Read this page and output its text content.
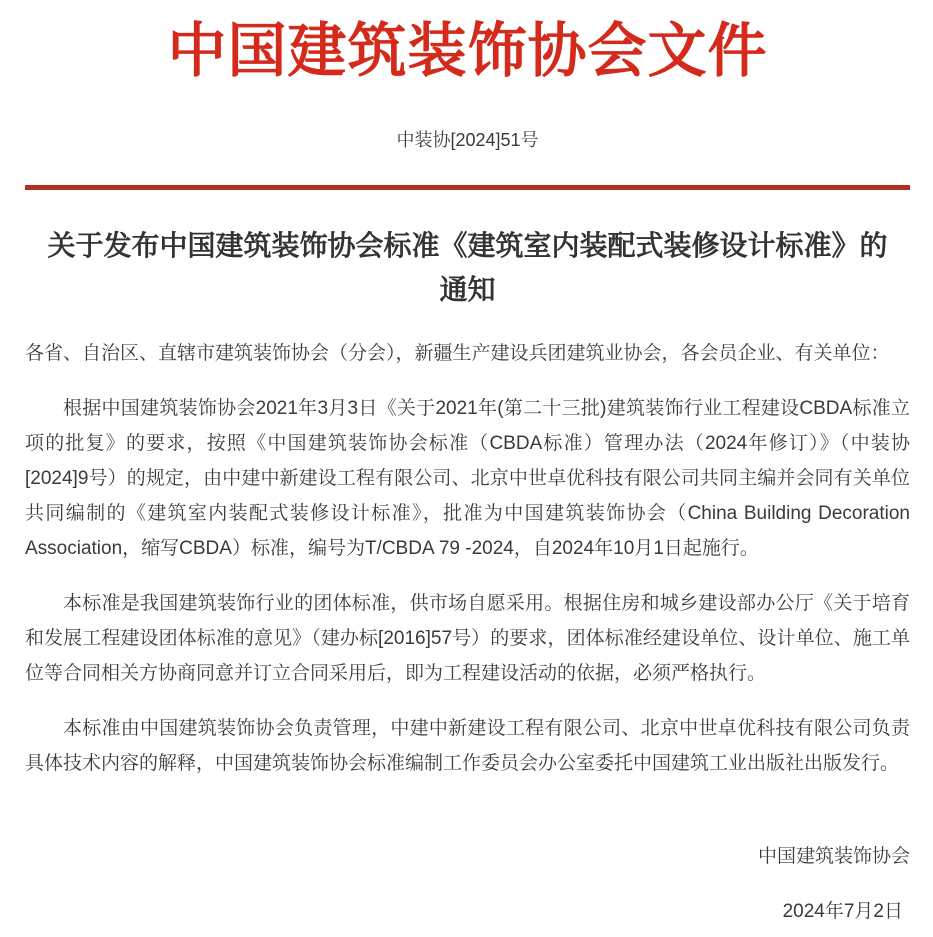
中国建筑装饰协会文件
中装协[2024]51号
关于发布中国建筑装饰协会标准《建筑室内装配式装修设计标准》的
通知

各省、自治区、直辖市建筑装饰协会（分会），新疆生产建设兵团建筑业协会，各会员企业、有关单位：

根据中国建筑装饰协会2021年3月3日《关于2021年(第二十三批)建筑装饰行业工程建设CBDA标准立项的批复》的要求，按照《中国建筑装饰协会标准（CBDA标准）管理办法（2024年修订）》（中装协[2024]9号）的规定，由中建中新建设工程有限公司、北京中世卓优科技有限公司共同主编并会同有关单位共同编制的《建筑室内装配式装修设计标准》，批准为中国建筑装饰协会（China Building Decoration Association，缩写CBDA）标准，编号为T/CBDA 79 -2024，自2024年10月1日起施行。

本标准是我国建筑装饰行业的团体标准，供市场自愿采用。根据住房和城乡建设部办公厅《关于培育和发展工程建设团体标准的意见》（建办标[2016]57号）的要求，团体标准经建设单位、设计单位、施工单位等合同相关方协商同意并订立合同采用后，即为工程建设活动的依据，必须严格执行。

本标准由中国建筑装饰协会负责管理，中建中新建设工程有限公司、北京中世卓优科技有限公司负责具体技术内容的解释，中国建筑装饰协会标准编制工作委员会办公室委托中国建筑工业出版社出版发行。

中国建筑装饰协会
2024年7月2日
